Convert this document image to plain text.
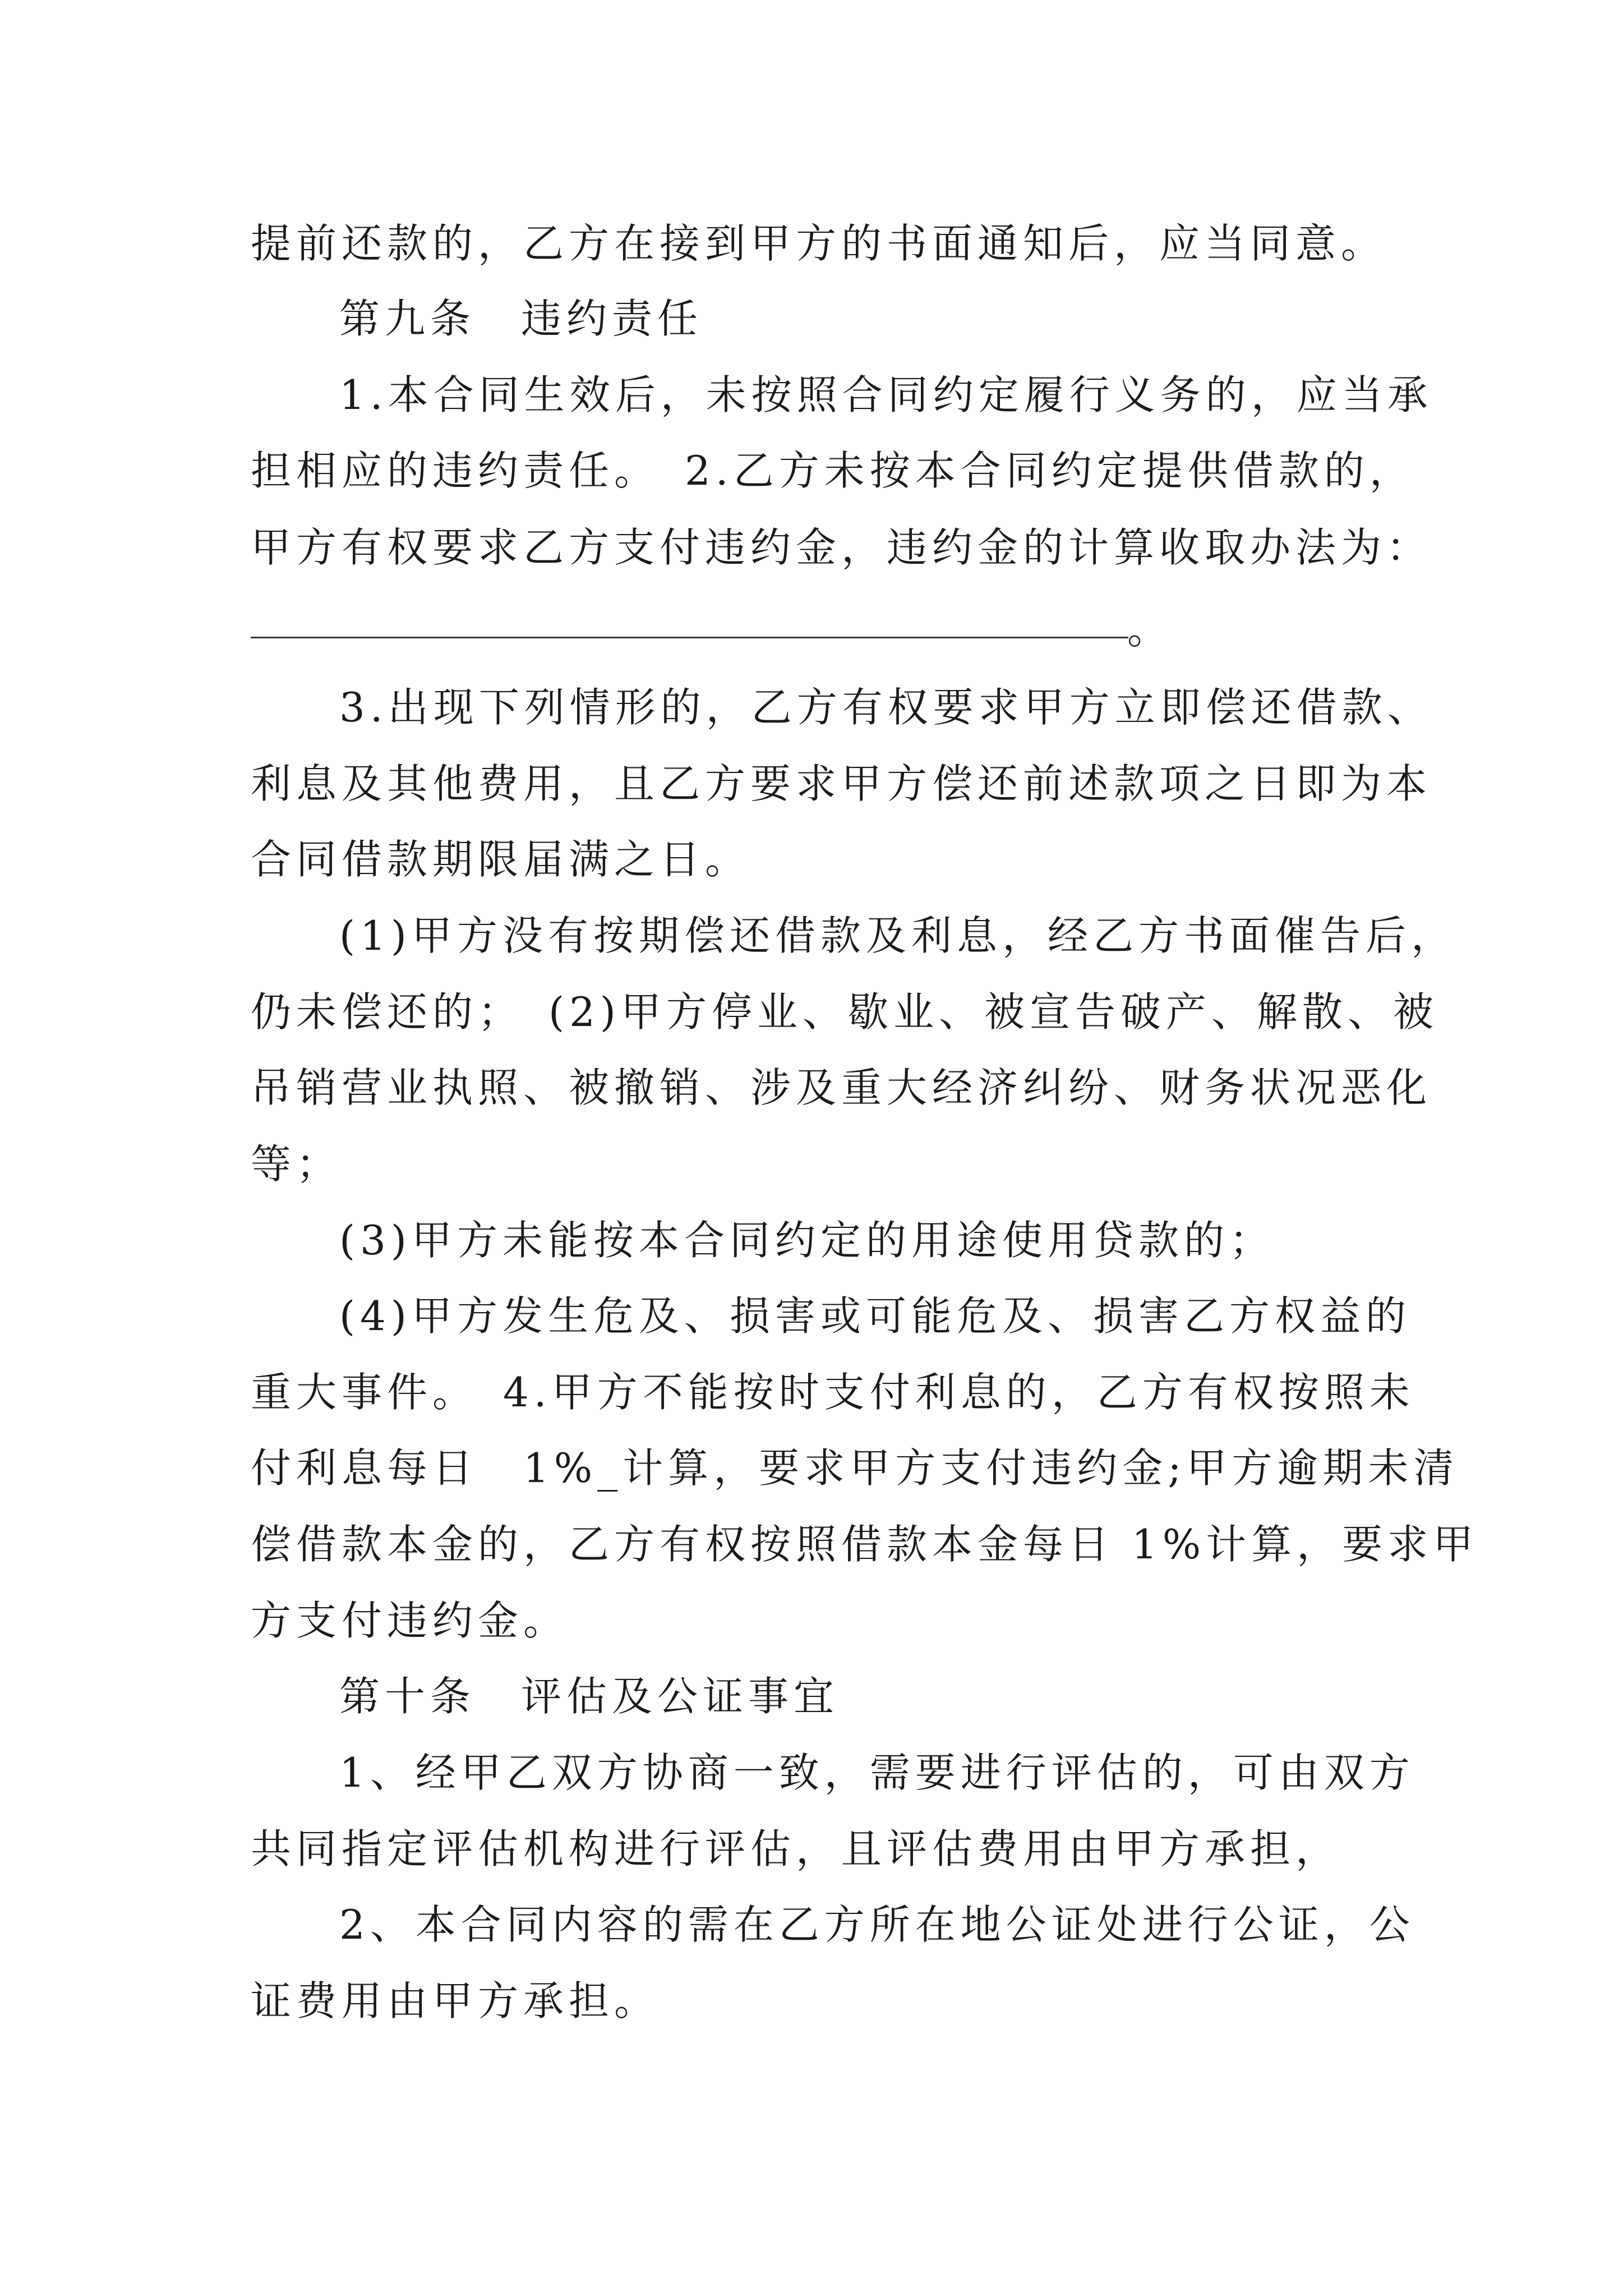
提前还款的，乙方在接到甲方的书面通知后，应当同意。
第九条　违约责任
1.本合同生效后，未按照合同约定履行义务的，应当承
担相应的违约责任。　2.乙方未按本合同约定提供借款的，
甲方有权要求乙方支付违约金，违约金的计算收取办法为：
。
3.出现下列情形的，乙方有权要求甲方立即偿还借款、
利息及其他费用，且乙方要求甲方偿还前述款项之日即为本
合同借款期限届满之日。
(1)甲方没有按期偿还借款及利息，经乙方书面催告后，
仍未偿还的；　(2)甲方停业、歇业、被宣告破产、解散、被
吊销营业执照、被撤销、涉及重大经济纠纷、财务状况恶化
等；
(3)甲方未能按本合同约定的用途使用贷款的；
(4)甲方发生危及、损害或可能危及、损害乙方权益的
重大事件。　4.甲方不能按时支付利息的，乙方有权按照未
付利息每日　1%_计算，要求甲方支付违约金;甲方逾期未清
偿借款本金的，乙方有权按照借款本金每日 1%计算，要求甲
方支付违约金。
第十条　评估及公证事宜
1、经甲乙双方协商一致，需要进行评估的，可由双方
共同指定评估机构进行评估，且评估费用由甲方承担，
2、本合同内容的需在乙方所在地公证处进行公证，公
证费用由甲方承担。
